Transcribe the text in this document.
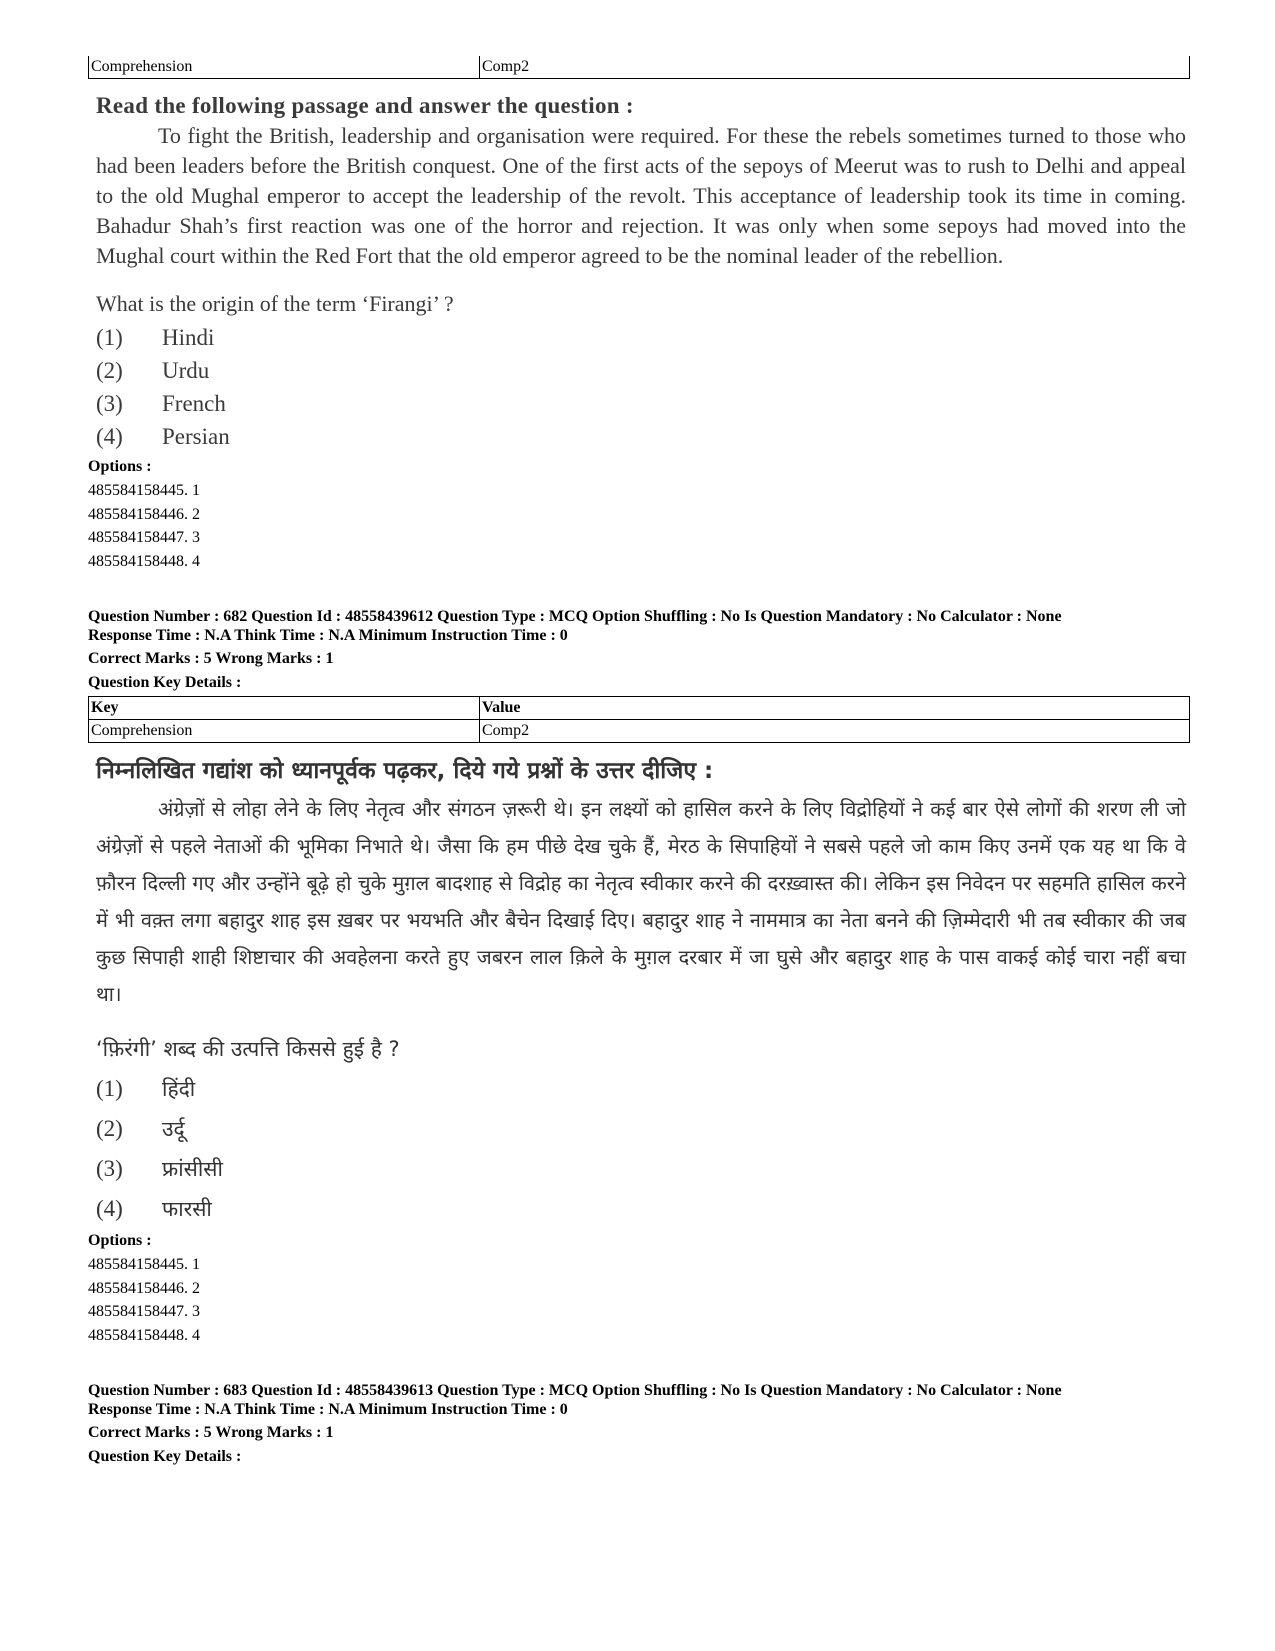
Comprehension	Comp2
Read the following passage and answer the question :

To fight the British, leadership and organisation were required. For these the rebels sometimes turned to those who had been leaders before the British conquest. One of the first acts of the sepoys of Meerut was to rush to Delhi and appeal to the old Mughal emperor to accept the leadership of the revolt. This acceptance of leadership took its time in coming. Bahadur Shah’s first reaction was one of the horror and rejection. It was only when some sepoys had moved into the Mughal court within the Red Fort that the old emperor agreed to be the nominal leader of the rebellion.

What is the origin of the term ‘Firangi’ ?
(1)	Hindi
(2)	Urdu
(3)	French
(4)	Persian

Options :

485584158445. 1
485584158446. 2
485584158447. 3
485584158448. 4

Question Number : 682 Question Id : 48558439612 Question Type : MCQ Option Shuffling : No Is Question Mandatory : No Calculator : None

Response Time : N.A Think Time : N.A Minimum Instruction Time : 0

Correct Marks : 5 Wrong Marks : 1

Question Key Details :

Key	Value
Comprehension	Comp2
निम्नलिखित गद्यांश को ध्यानपूर्वक पढ़कर, दिये गये प्रश्नों के उत्तर दीजिए :

अंग्रेज़ों से लोहा लेने के लिए नेतृत्व और संगठन ज़रूरी थे। इन लक्ष्यों को हासिल करने के लिए विद्रोहियों ने कई बार ऐसे लोगों की शरण ली जो अंग्रेज़ों से पहले नेताओं की भूमिका निभाते थे। जैसा कि हम पीछे देख चुके हैं, मेरठ के सिपाहियों ने सबसे पहले जो काम किए उनमें एक यह था कि वे फ़ौरन दिल्ली गए और उन्होंने बूढ़े हो चुके मुग़ल बादशाह से विद्रोह का नेतृत्व स्वीकार करने की दरख़्वास्त की। लेकिन इस निवेदन पर सहमति हासिल करने में भी वक़्त लगा बहादुर शाह इस ख़बर पर भयभति और बैचेन दिखाई दिए। बहादुर शाह ने नाममात्र का नेता बनने की ज़िम्मेदारी भी तब स्वीकार की जब कुछ सिपाही शाही शिष्टाचार की अवहेलना करते हुए जबरन लाल क़िले के मुग़ल दरबार में जा घुसे और बहादुर शाह के पास वाकई कोई चारा नहीं बचा था।

‘फ़िरंगी’ शब्द की उत्पत्ति किससे हुई है ?
(1)	हिंदी
(2)	उर्दू
(3)	फ्रांसीसी
(4)	फारसी

Options :

485584158445. 1
485584158446. 2
485584158447. 3
485584158448. 4

Question Number : 683 Question Id : 48558439613 Question Type : MCQ Option Shuffling : No Is Question Mandatory : No Calculator : None

Response Time : N.A Think Time : N.A Minimum Instruction Time : 0

Correct Marks : 5 Wrong Marks : 1

Question Key Details :
